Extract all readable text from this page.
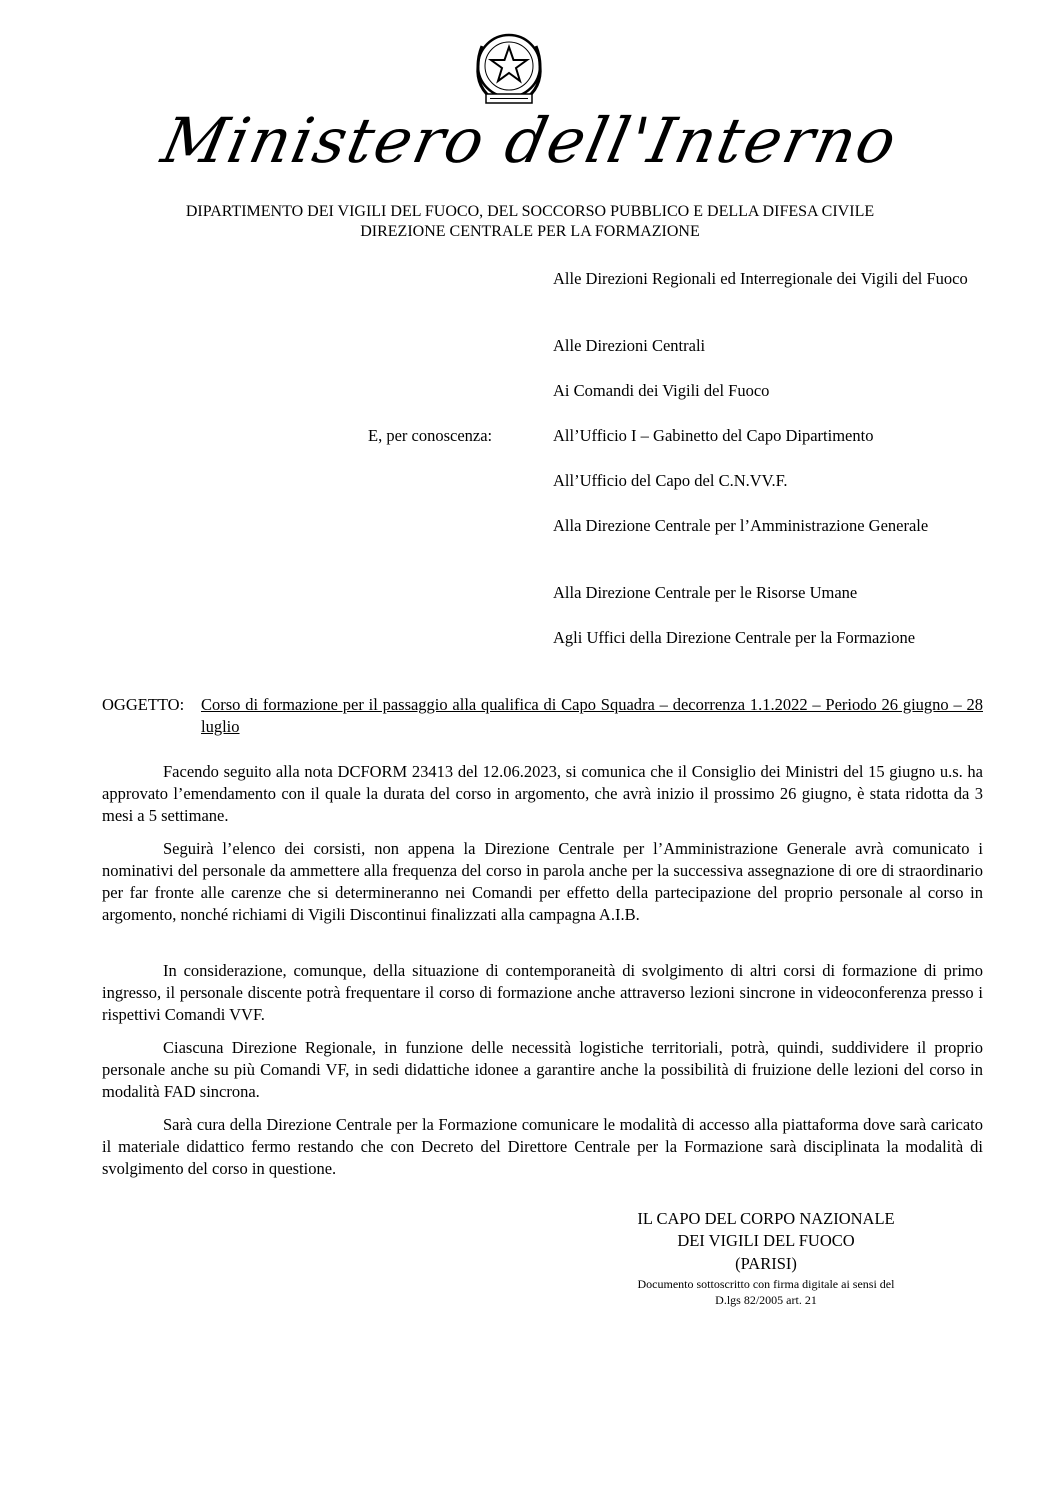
Ministero dell'Interno
DIPARTIMENTO DEI VIGILI DEL FUOCO, DEL SOCCORSO PUBBLICO E DELLA DIFESA CIVILE
DIREZIONE CENTRALE PER LA FORMAZIONE
Alle Direzioni Regionali ed Interregionale dei Vigili del Fuoco
Alle Direzioni Centrali
Ai Comandi dei Vigili del Fuoco
E, per conoscenza:	All’Ufficio I – Gabinetto del Capo Dipartimento
All’Ufficio del Capo del C.N.VV.F.
Alla Direzione Centrale per l’Amministrazione Generale
Alla Direzione Centrale per le Risorse Umane
Agli Uffici della Direzione Centrale per la Formazione
OGGETTO: Corso di formazione per il passaggio alla qualifica di Capo Squadra – decorrenza 1.1.2022 – Periodo 26 giugno – 28 luglio

Facendo seguito alla nota DCFORM 23413 del 12.06.2023, si comunica che il Consiglio dei Ministri del 15 giugno u.s. ha approvato l’emendamento con il quale la durata del corso in argomento, che avrà inizio il prossimo 26 giugno, è stata ridotta da 3 mesi a 5 settimane.

Seguirà l’elenco dei corsisti, non appena la Direzione Centrale per l’Amministrazione Generale avrà comunicato i nominativi del personale da ammettere alla frequenza del corso in parola anche per la successiva assegnazione di ore di straordinario per far fronte alle carenze che si determineranno nei Comandi per effetto della partecipazione del proprio personale al corso in argomento, nonché richiami di Vigili Discontinui finalizzati alla campagna A.I.B.

In considerazione, comunque, della situazione di contemporaneità di svolgimento di altri corsi di formazione di primo ingresso, il personale discente potrà frequentare il corso di formazione anche attraverso lezioni sincrone in videoconferenza presso i rispettivi Comandi VVF.

Ciascuna Direzione Regionale, in funzione delle necessità logistiche territoriali, potrà, quindi, suddividere il proprio personale anche su più Comandi VF, in sedi didattiche idonee a garantire anche la possibilità di fruizione delle lezioni del corso in modalità FAD sincrona.

Sarà cura della Direzione Centrale per la Formazione comunicare le modalità di accesso alla piattaforma dove sarà caricato il materiale didattico fermo restando che con Decreto del Direttore Centrale per la Formazione sarà disciplinata la modalità di svolgimento del corso in questione.

IL CAPO DEL CORPO NAZIONALE
DEI VIGILI DEL FUOCO
(PARISI)
Documento sottoscritto con firma digitale ai sensi del
D.lgs 82/2005 art. 21
